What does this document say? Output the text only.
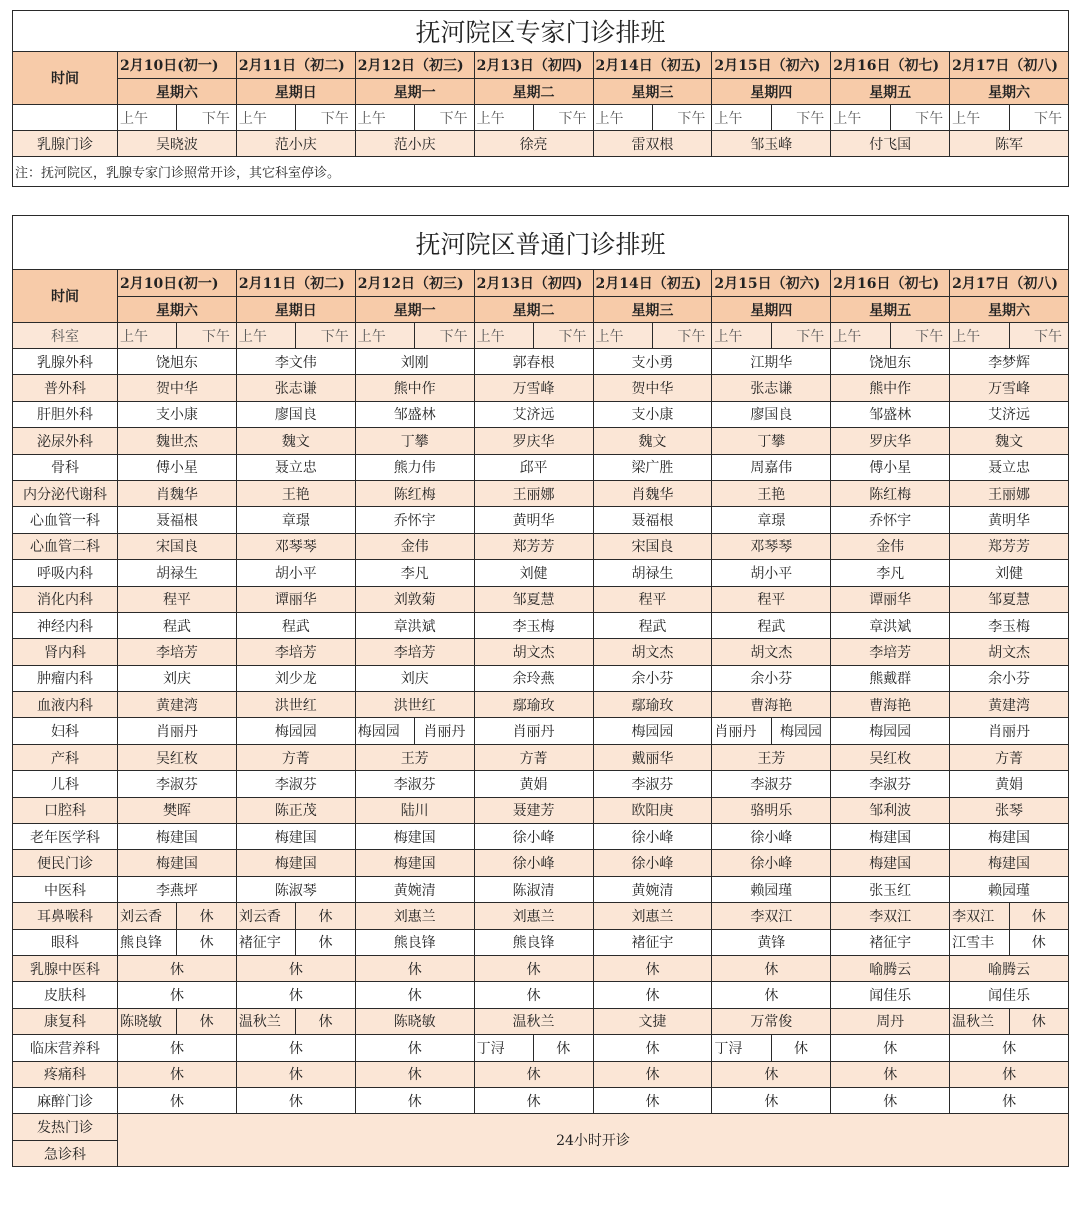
抚河院区专家门诊排班																
时间	2月10日(初一)		2月11日（初二)		2月12日（初三)		2月13日（初四)		2月14日（初五)		2月15日（初六)		2月16日（初七)		2月17日（初八)	
	星期六		星期日		星期一		星期二		星期三		星期四		星期五		星期六	
	上午	下午	上午	下午	上午	下午	上午	下午	上午	下午	上午	下午	上午	下午	上午	下午
乳腺门诊	吴晓波		范小庆		范小庆		徐亮		雷双根		邹玉峰		付飞国		陈军	
注：抚河院区，乳腺专家门诊照常开诊，其它科室停诊。																
抚河院区普通门诊排班																
时间	2月10日(初一)		2月11日（初二)		2月12日（初三)		2月13日（初四)		2月14日（初五)		2月15日（初六)		2月16日（初七)		2月17日（初八)	
	星期六		星期日		星期一		星期二		星期三		星期四		星期五		星期六	
科室	上午	下午	上午	下午	上午	下午	上午	下午	上午	下午	上午	下午	上午	下午	上午	下午
乳腺外科	饶旭东		李文伟		刘刚		郭春根		支小勇		江期华		饶旭东		李梦辉	
普外科	贺中华		张志谦		熊中作		万雪峰		贺中华		张志谦		熊中作		万雪峰	
肝胆外科	支小康		廖国良		邹盛林		艾济远		支小康		廖国良		邹盛林		艾济远	
泌尿外科	魏世杰		魏文		丁攀		罗庆华		魏文		丁攀		罗庆华		魏文	
骨科	傅小星		聂立忠		熊力伟		邱平		梁广胜		周嘉伟		傅小星		聂立忠	
内分泌代谢科	肖魏华		王艳		陈红梅		王丽娜		肖魏华		王艳		陈红梅		王丽娜	
心血管一科	聂福根		章璟		乔怀宇		黄明华		聂福根		章璟		乔怀宇		黄明华	
心血管二科	宋国良		邓琴琴		金伟		郑芳芳		宋国良		邓琴琴		金伟		郑芳芳	
呼吸内科	胡禄生		胡小平		李凡		刘健		胡禄生		胡小平		李凡		刘健	
消化内科	程平		谭丽华		刘敦菊		邹夏慧		程平		程平		谭丽华		邹夏慧	
神经内科	程武		程武		章洪斌		李玉梅		程武		程武		章洪斌		李玉梅	
肾内科	李培芳		李培芳		李培芳		胡文杰		胡文杰		胡文杰		李培芳		胡文杰	
肿瘤内科	刘庆		刘少龙		刘庆		余玲燕		余小芬		余小芬		熊戴群		余小芬	
血液内科	黄建湾		洪世红		洪世红		鄢瑜玫		鄢瑜玫		曹海艳		曹海艳		黄建湾	
妇科	肖丽丹		梅园园		梅园园	肖丽丹	肖丽丹		梅园园		肖丽丹	梅园园	梅园园		肖丽丹	
产科	吴红枚		方菁		王芳		方菁		戴丽华		王芳		吴红枚		方菁	
儿科	李淑芬		李淑芬		李淑芬		黄娟		李淑芬		李淑芬		李淑芬		黄娟	
口腔科	樊晖		陈正茂		陆川		聂建芳		欧阳庚		骆明乐		邹利波		张琴	
老年医学科	梅建国		梅建国		梅建国		徐小峰		徐小峰		徐小峰		梅建国		梅建国	
便民门诊	梅建国		梅建国		梅建国		徐小峰		徐小峰		徐小峰		梅建国		梅建国	
中医科	李燕坪		陈淑琴		黄婉清		陈淑清		黄婉清		赖园瑾		张玉红		赖园瑾	
耳鼻喉科	刘云香	休	刘云香	休	刘惠兰		刘惠兰		刘惠兰		李双江		李双江		李双江	休
眼科	熊良锋	休	褚征宇	休	熊良锋		熊良锋		褚征宇		黄锋		褚征宇		江雪丰	休
乳腺中医科	休		休		休		休		休		休		喻腾云		喻腾云	
皮肤科	休		休		休		休		休		休		闻佳乐		闻佳乐	
康复科	陈晓敏	休	温秋兰	休	陈晓敏		温秋兰		文捷		万常俊		周丹		温秋兰	休
临床营养科	休		休		休		丁浔	休	休		丁浔	休	休		休	
疼痛科	休		休		休		休		休		休		休		休	
麻醉门诊	休		休		休		休		休		休		休		休	
发热门诊	24小时开诊															
急诊科																
